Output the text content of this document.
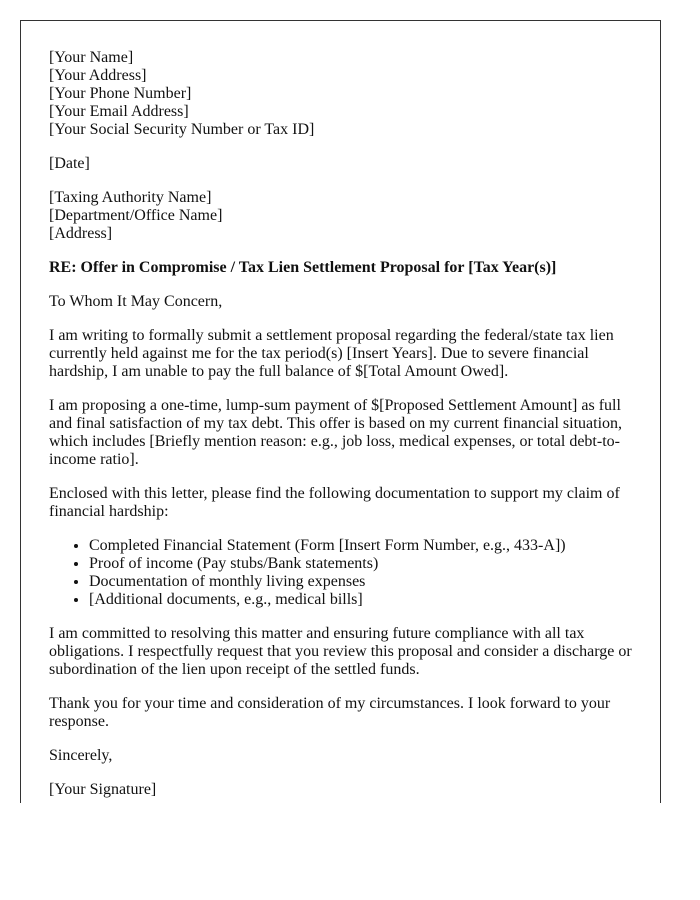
[Your Name]
[Your Address]
[Your Phone Number]
[Your Email Address]
[Your Social Security Number or Tax ID]

[Date]

[Taxing Authority Name]
[Department/Office Name]
[Address]

RE: Offer in Compromise / Tax Lien Settlement Proposal for [Tax Year(s)]

To Whom It May Concern,

I am writing to formally submit a settlement proposal regarding the federal/state tax lien currently held against me for the tax period(s) [Insert Years]. Due to severe financial hardship, I am unable to pay the full balance of $[Total Amount Owed].

I am proposing a one-time, lump-sum payment of $[Proposed Settlement Amount] as full and final satisfaction of my tax debt. This offer is based on my current financial situation, which includes [Briefly mention reason: e.g., job loss, medical expenses, or total debt-to-income ratio].

Enclosed with this letter, please find the following documentation to support my claim of financial hardship:

• Completed Financial Statement (Form [Insert Form Number, e.g., 433-A])
• Proof of income (Pay stubs/Bank statements)
• Documentation of monthly living expenses
• [Additional documents, e.g., medical bills]

I am committed to resolving this matter and ensuring future compliance with all tax obligations. I respectfully request that you review this proposal and consider a discharge or subordination of the lien upon receipt of the settled funds.

Thank you for your time and consideration of my circumstances. I look forward to your response.

Sincerely,

[Your Signature]
